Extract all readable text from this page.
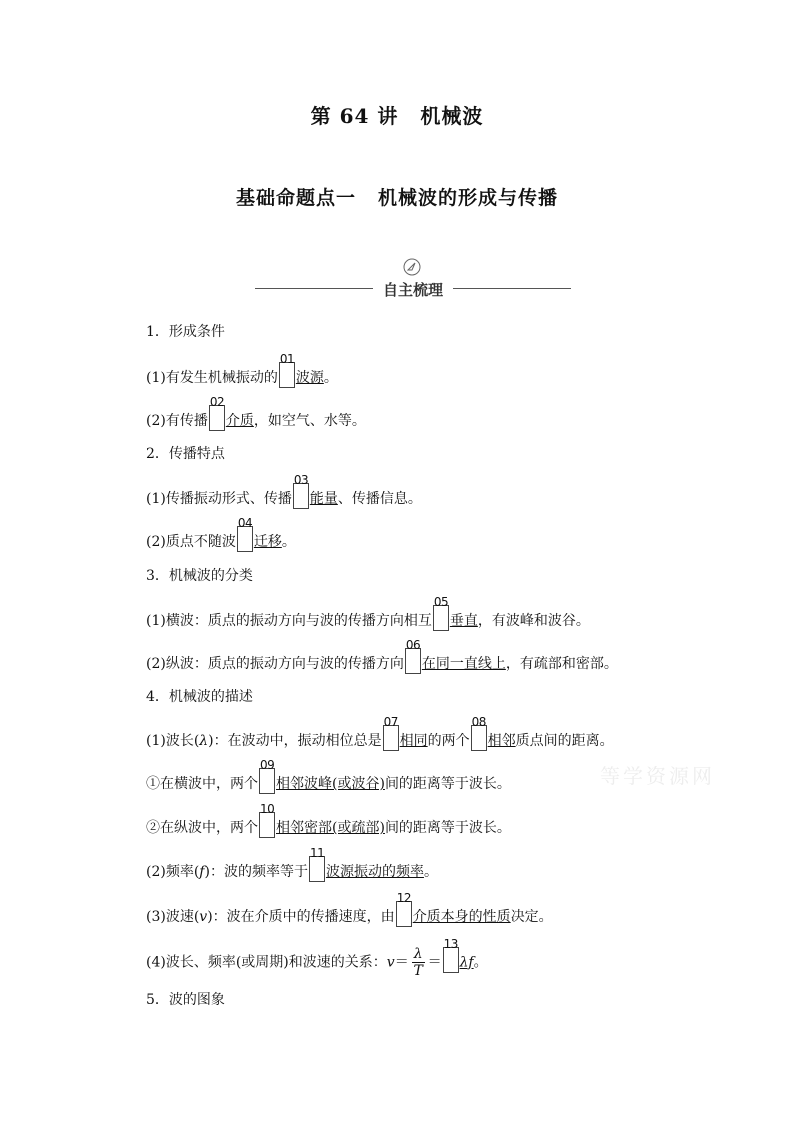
第 64 讲 机械波
基础命题点一 机械波的形成与传播
自主梳理
等学资源网
1．形成条件
(1)有发生机械振动的
01
波源。
(2)有传播
02
介质，如空气、水等。
2．传播特点
(1)传播振动形式、传播
03
能量、传播信息。
(2)质点不随波
04
迁移。
3．机械波的分类
(1)横波：质点的振动方向与波的传播方向相互
05
垂直，有波峰和波谷。
(2)纵波：质点的振动方向与波的传播方向
06
在同一直线上，有疏部和密部。
4．机械波的描述
(1)波长(λ)：在波动中，振动相位总是
07
相同的两个
08
相邻质点间的距离。
①在横波中，两个
09
相邻波峰(或波谷)间的距离等于波长。
②在纵波中，两个
10
相邻密部(或疏部)间的距离等于波长。
(2)频率(f)：波的频率等于
11
波源振动的频率。
(3)波速(v)：波在介质中的传播速度，由
12
介质本身的性质决定。
(4)波长、频率(或周期)和波速的关系：$v= \frac{\lambda}{T}$ ＝
13
λf。
5．波的图象
